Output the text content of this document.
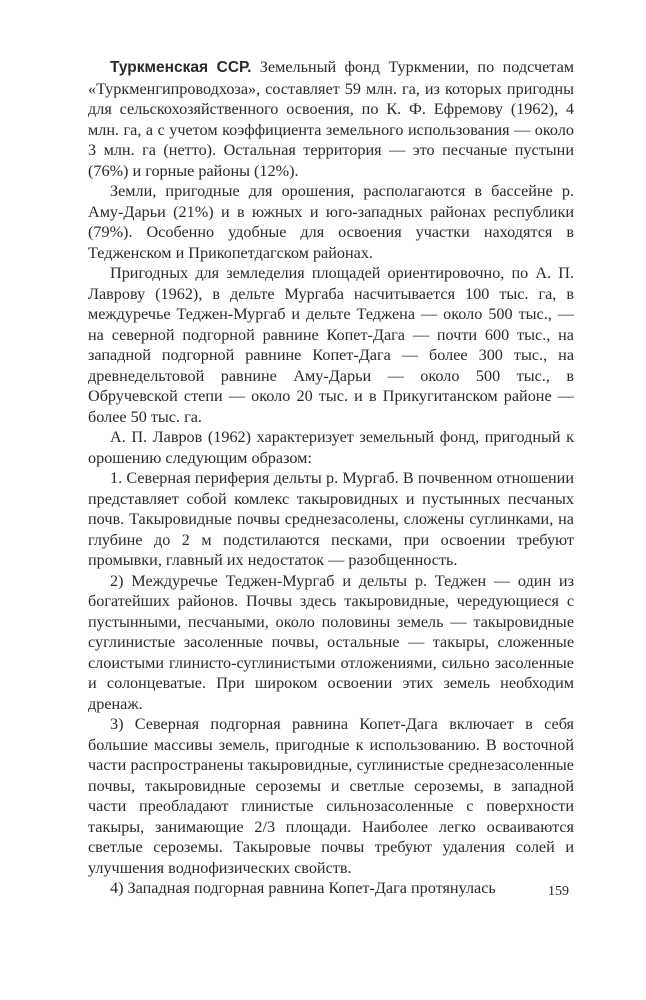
Туркменская ССР. Земельный фонд Туркмении, по подсчетам «Туркменгипроводхоза», составляет 59 млн. га, из которых пригодны для сельскохозяйственного освоения, по К. Ф. Ефремову (1962), 4 млн. га, а с учетом коэффициента земельного использования — около 3 млн. га (нетто). Остальная территория — это песчаные пустыни (76%) и горные районы (12%).

Земли, пригодные для орошения, располагаются в бассейне р. Аму-Дарьи (21%) и в южных и юго-западных районах республики (79%). Особенно удобные для освоения участки находятся в Тедженском и Прикопетдагском районах.

Пригодных для земледелия площадей ориентировочно, по А. П. Лаврову (1962), в дельте Мургаба насчитывается 100 тыс. га, в междуречье Теджен-Мургаб и дельте Теджена — около 500 тыс., — на северной подгорной равнине Копет-Дага — почти 600 тыс., на западной подгорной равнине Копет-Дага — более 300 тыс., на древнедельтовой равнине Аму-Дарьи — около 500 тыс., в Обручевской степи — около 20 тыс. и в Прикугитанском районе — более 50 тыс. га.

А. П. Лавров (1962) характеризует земельный фонд, пригодный к орошению следующим образом:

1. Северная периферия дельты р. Мургаб. В почвенном отношении представляет собой комлекс такыровидных и пустынных песчаных почв. Такыровидные почвы среднезасолены, сложены суглинками, на глубине до 2 м подстилаются песками, при освоении требуют промывки, главный их недостаток — разобщенность.

2) Междуречье Теджен-Мургаб и дельты р. Теджен — один из богатейших районов. Почвы здесь такыровидные, чередующиеся с пустынными, песчаными, около половины земель — такыровидные суглинистые засоленные почвы, остальные — такыры, сложенные слоистыми глинисто-суглинистыми отложениями, сильно засоленные и солонцеватые. При широком освоении этих земель необходим дренаж.

3) Северная подгорная равнина Копет-Дага включает в себя большие массивы земель, пригодные к использованию. В восточной части распространены такыровидные, суглинистые среднезасоленные почвы, такыровидные сероземы и светлые сероземы, в западной части преобладают глинистые сильнозасоленные с поверхности такыры, занимающие 2/3 площади. Наиболее легко осваиваются светлые сероземы. Такыровые почвы требуют удаления солей и улучшения воднофизических свойств.

4) Западная подгорная равнина Копет-Дага протянулась	159
